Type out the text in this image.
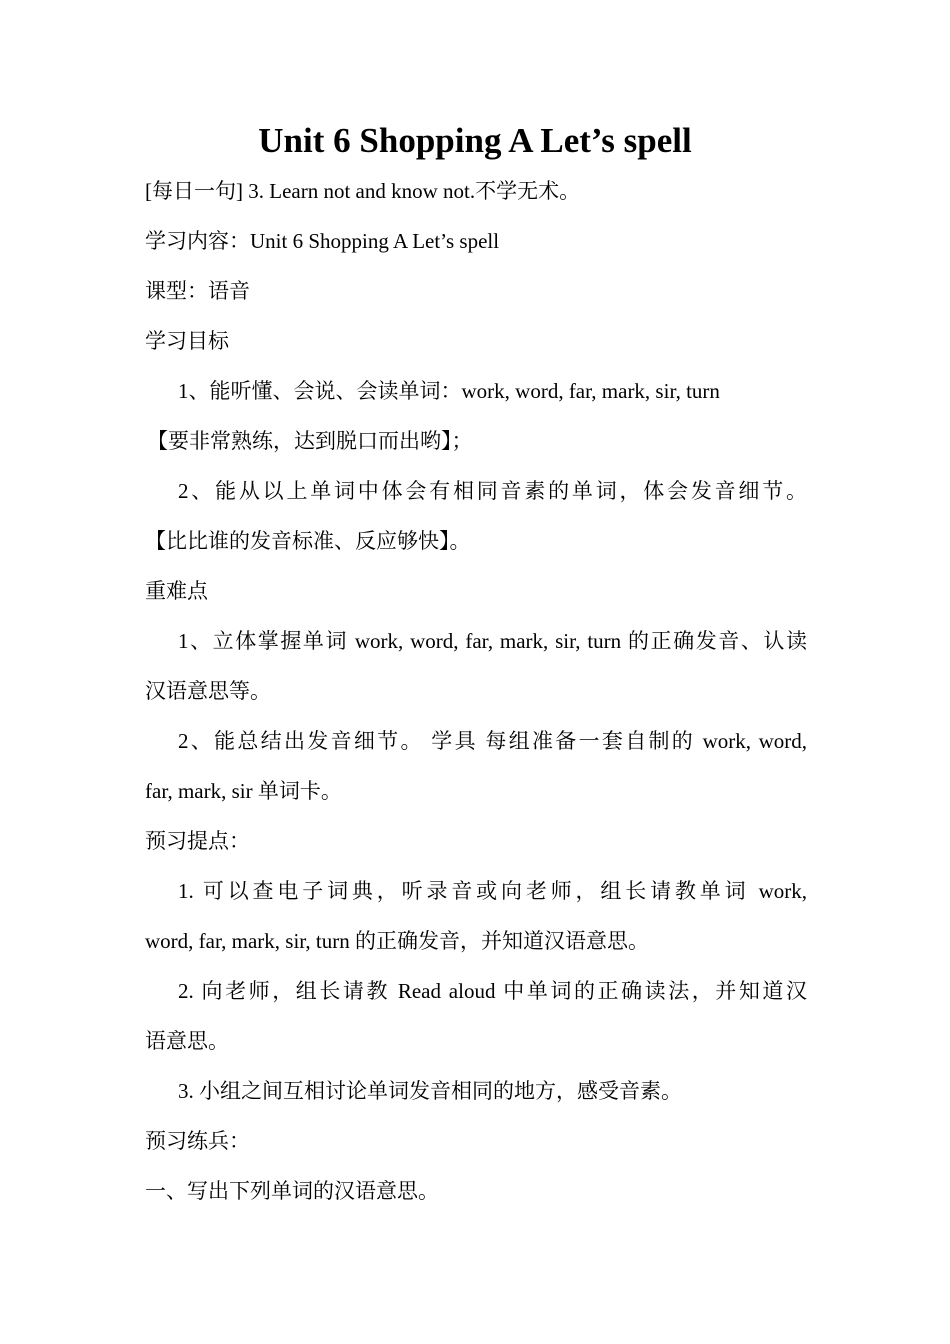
Unit 6 Shopping A Let’s spell
[每日一句] 3. Learn not and know not.不学无术。
学习内容：Unit 6 Shopping A Let’s spell
课型：语音
学习目标
1、能听懂、会说、会读单词：work, word, far, mark, sir, turn
【要非常熟练，达到脱口而出哟】；
2、能从以上单词中体会有相同音素的单词，体会发音细节。
【比比谁的发音标准、反应够快】。
重难点
1、立体掌握单词 work, word, far, mark, sir, turn 的正确发音、认读
汉语意思等。
2、能总结出发音细节。 学具 每组准备一套自制的 work, word,
far, mark, sir 单词卡。
预习提点：
1. 可以查电子词典，听录音或向老师，组长请教单词 work,
word, far, mark, sir, turn 的正确发音，并知道汉语意思。
2. 向老师，组长请教 Read aloud 中单词的正确读法，并知道汉
语意思。
3. 小组之间互相讨论单词发音相同的地方，感受音素。
预习练兵：
一、写出下列单词的汉语意思。
